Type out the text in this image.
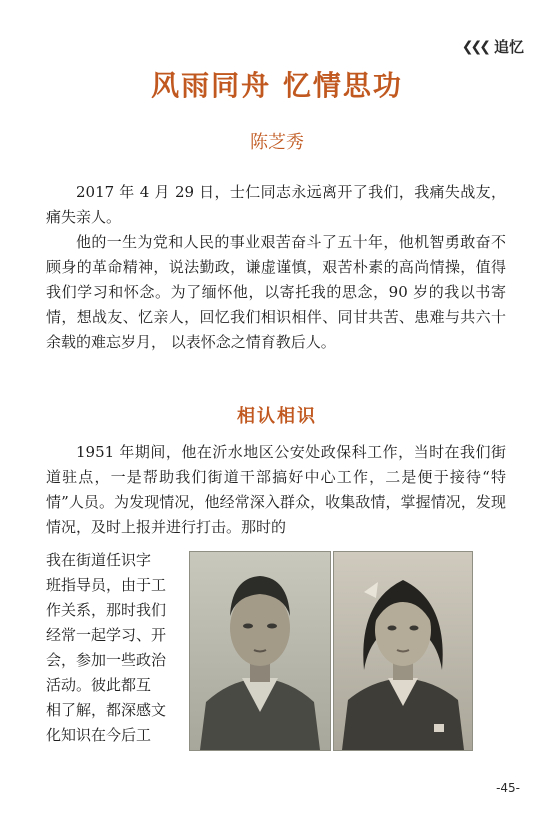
❮❮❮ 追忆
风雨同舟 忆情思功
陈芝秀

2017 年 4 月 29 日，士仁同志永远离开了我们，我痛失战友，痛失亲人。

他的一生为党和人民的事业艰苦奋斗了五十年，他机智勇敢奋不顾身的革命精神，说法勤政，谦虚谨慎，艰苦朴素的高尚情操，值得我们学习和怀念。为了缅怀他，以寄托我的思念，90 岁的我以书寄情，想战友、忆亲人，回忆我们相识相伴、同甘共苦、患难与共六十余载的难忘岁月， 以表怀念之情育教后人。

相认相识

1951 年期间，他在沂水地区公安处政保科工作，当时在我们街道驻点，一是帮助我们街道干部搞好中心工作，二是便于接待“特情”人员。为发现情况，他经常深入群众，收集敌情，掌握情况，发现情况，及时上报并进行打击。那时的

我在街道任识字
班指导员，由于工
作关系，那时我们
经常一起学习、开
会，参加一些政治
活动。彼此都互
相了解，都深感文
化知识在今后工
-45-
